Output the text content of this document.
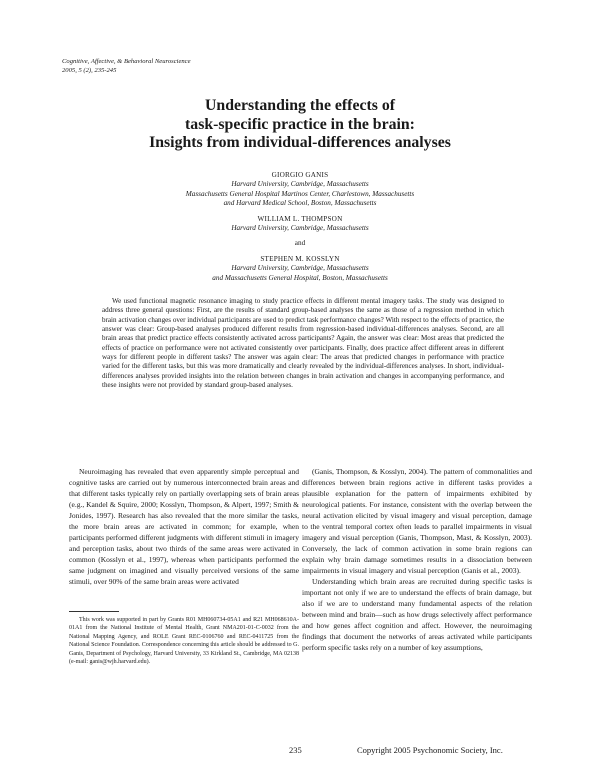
Cognitive, Affective, & Behavioral Neuroscience
2005, 5 (2), 235-245
Understanding the effects of
task-specific practice in the brain:
Insights from individual-differences analyses
GIORGIO GANIS
Harvard University, Cambridge, Massachusetts
Massachusetts General Hospital Martinos Center, Charlestown, Massachusetts
and Harvard Medical School, Boston, Massachusetts
WILLIAM L. THOMPSON
Harvard University, Cambridge, Massachusetts
and
STEPHEN M. KOSSLYN
Harvard University, Cambridge, Massachusetts
and Massachusetts General Hospital, Boston, Massachusetts
We used functional magnetic resonance imaging to study practice effects in different mental imagery tasks. The study was designed to address three general questions: First, are the results of standard group-based analyses the same as those of a regression method in which brain activation changes over individual participants are used to predict task performance changes? With respect to the effects of practice, the answer was clear: Group-based analyses produced different results from regression-based individual-differences analyses. Second, are all brain areas that predict practice effects consistently activated across participants? Again, the answer was clear: Most areas that predicted the effects of practice on performance were not activated consistently over participants. Finally, does practice affect different areas in different ways for different people in different tasks? The answer was again clear: The areas that predicted changes in performance with practice varied for the different tasks, but this was more dramatically and clearly revealed by the individual-differences analyses. In short, individual-differences analyses provided insights into the relation between changes in brain activation and changes in accompanying performance, and these insights were not provided by standard group-based analyses.

Neuroimaging has revealed that even apparently simple perceptual and cognitive tasks are carried out by numerous interconnected brain areas and that different tasks typically rely on partially overlapping sets of brain areas (e.g., Kandel & Squire, 2000; Kosslyn, Thompson, & Alpert, 1997; Smith & Jonides, 1997). Research has also revealed that the more similar the tasks, the more brain areas are activated in common; for example, when participants performed different judgments with different stimuli in imagery and perception tasks, about two thirds of the same areas were activated in common (Kosslyn et al., 1997), whereas when participants performed the same judgment on imagined and visually perceived versions of the same stimuli, over 90% of the same brain areas were activated

This work was supported in part by Grants R01 MH060734-05A1 and R21 MH068610A-01A1 from the National Institute of Mental Health, Grant NMA201-01-C-0032 from the National Mapping Agency, and ROLE Grant REC-0106760 and REC-0411725 from the National Science Foundation. Correspondence concerning this article should be addressed to G. Ganis, Department of Psychology, Harvard University, 33 Kirkland St., Cambridge, MA 02138 (e-mail: ganis@wjh.harvard.edu).

(Ganis, Thompson, & Kosslyn, 2004). The pattern of commonalities and differences between brain regions active in different tasks provides a plausible explanation for the pattern of impairments exhibited by neurological patients. For instance, consistent with the overlap between the neural activation elicited by visual imagery and visual perception, damage to the ventral temporal cortex often leads to parallel impairments in visual imagery and visual perception (Ganis, Thompson, Mast, & Kosslyn, 2003). Conversely, the lack of common activation in some brain regions can explain why brain damage sometimes results in a dissociation between impairments in visual imagery and visual perception (Ganis et al., 2003).

Understanding which brain areas are recruited during specific tasks is important not only if we are to understand the effects of brain damage, but also if we are to understand many fundamental aspects of the relation between mind and brain—such as how drugs selectively affect performance and how genes affect cognition and affect. However, the neuroimaging findings that document the networks of areas activated while participants perform specific tasks rely on a number of key assumptions,

235	Copyright 2005 Psychonomic Society, Inc.
